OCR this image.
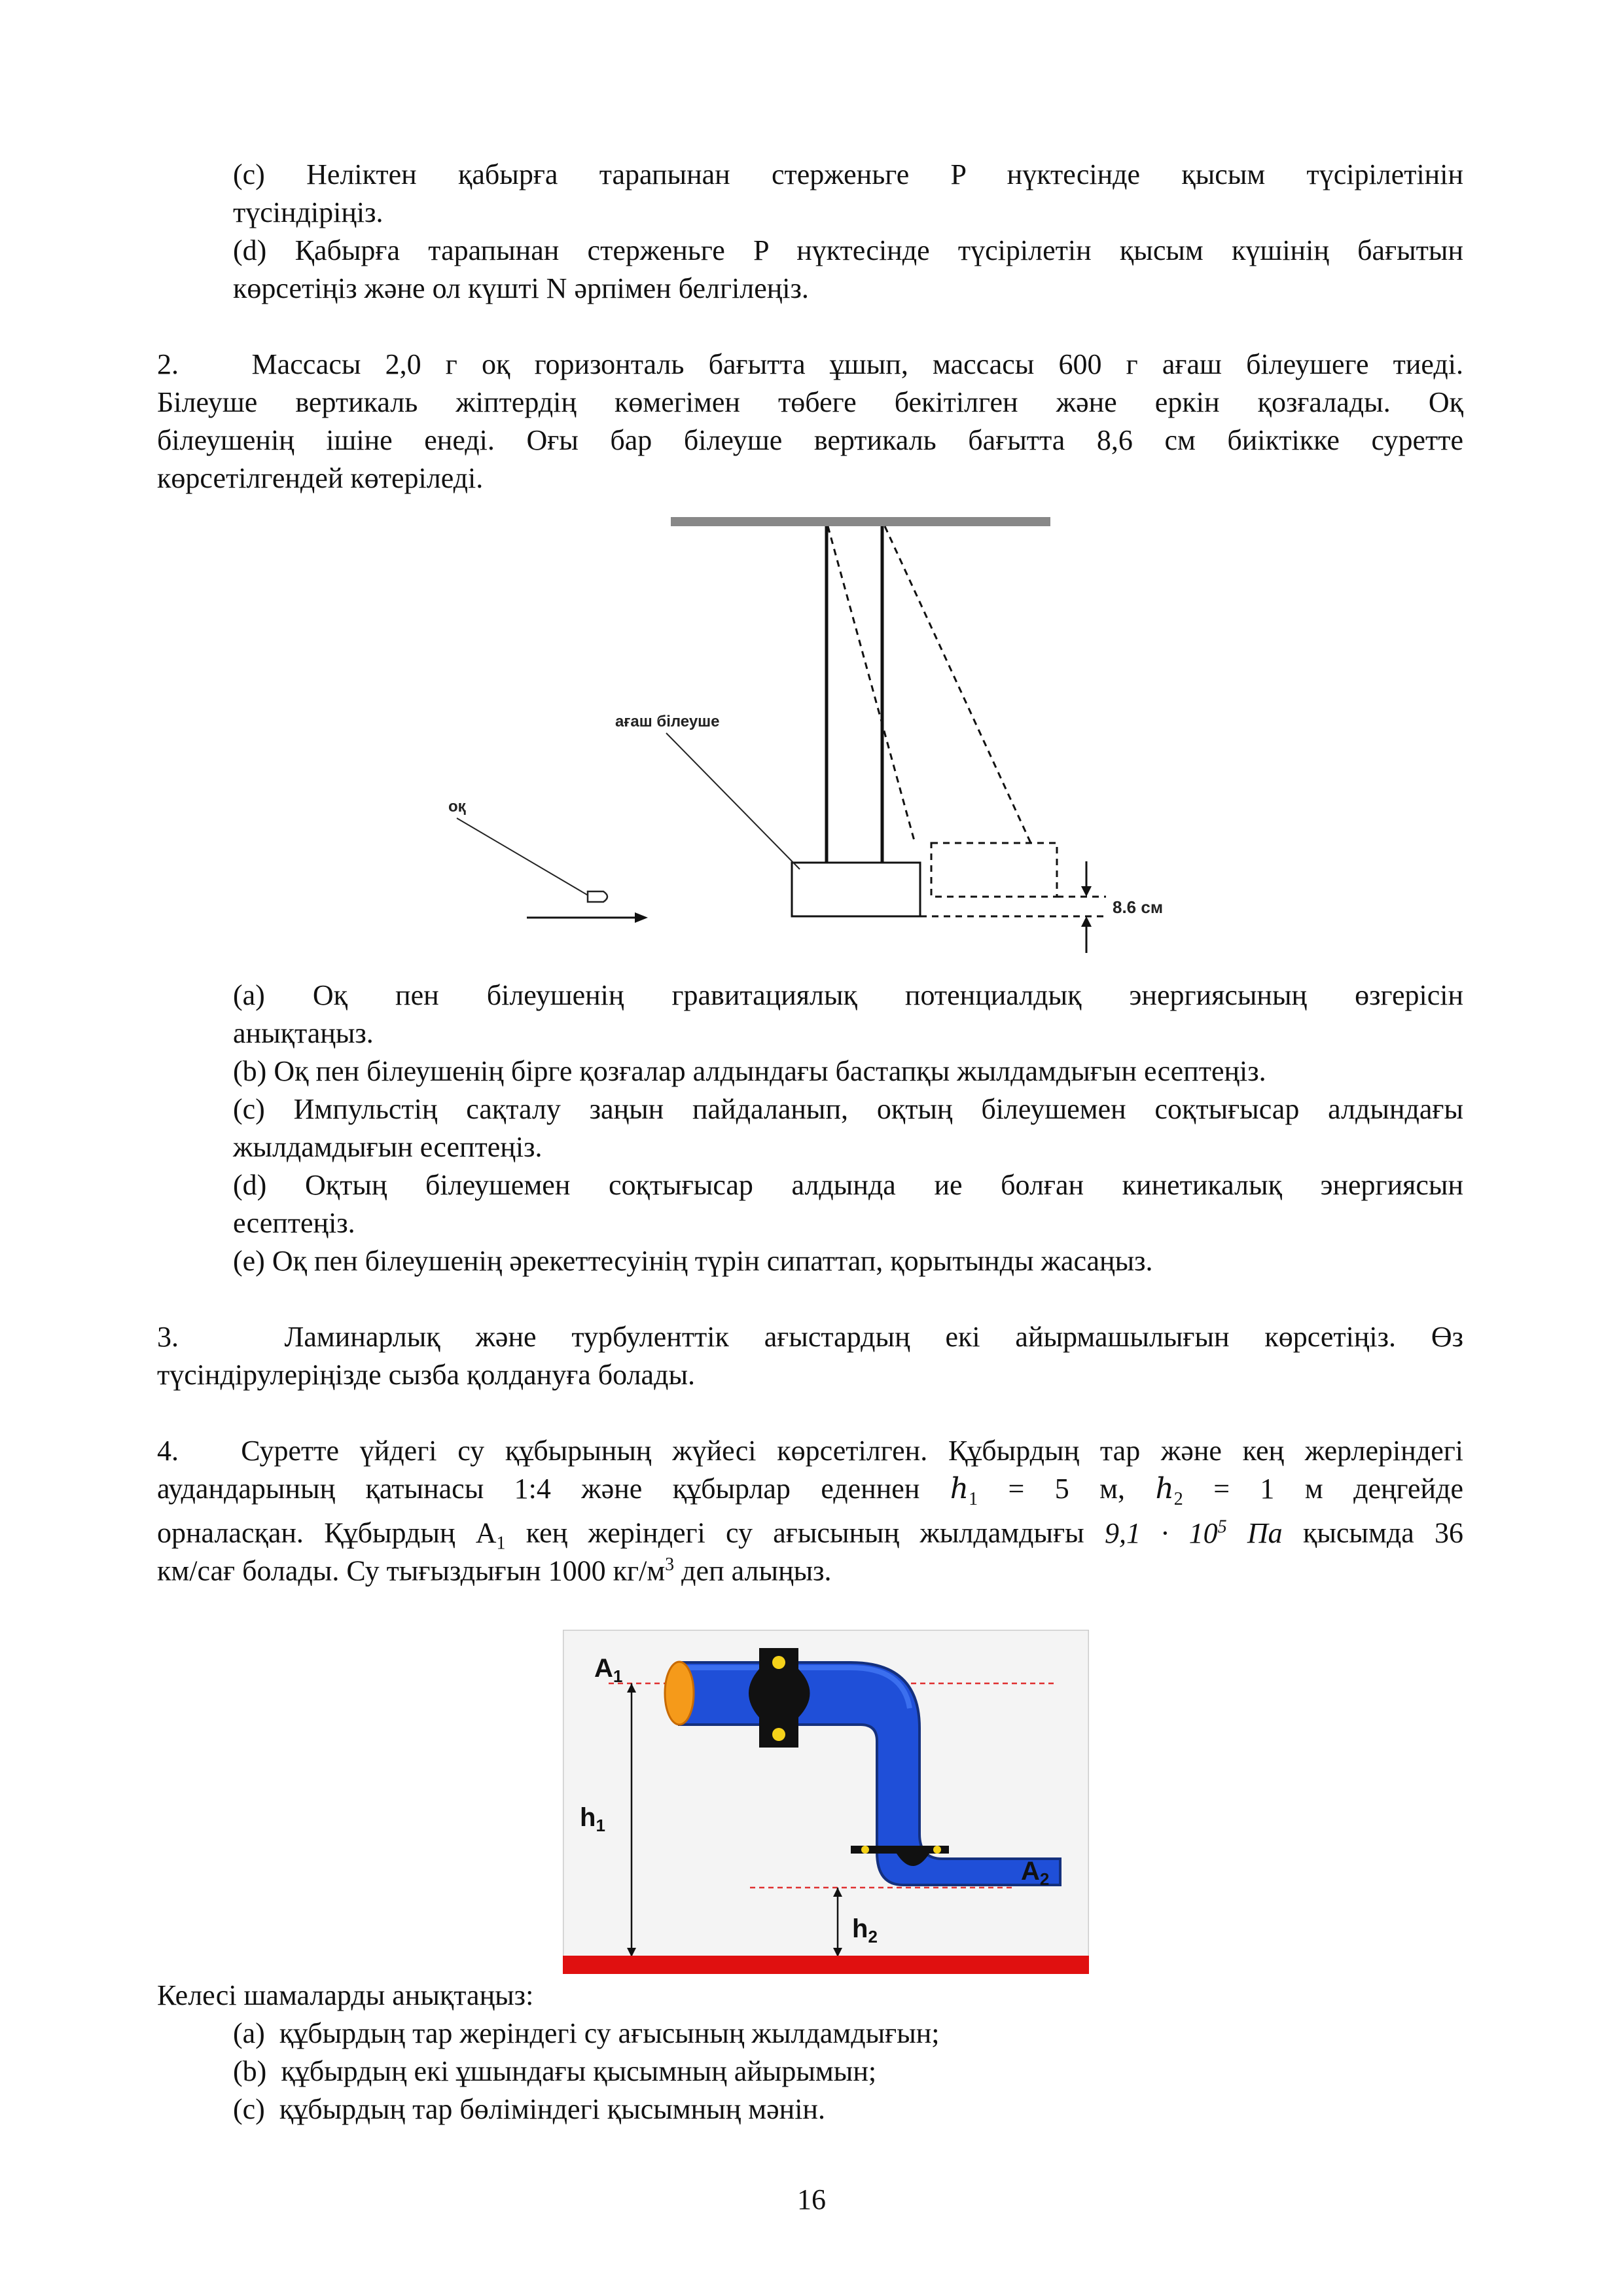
(c) Неліктен қабырға тарапынан стерженьге P нүктесінде қысым түсірілетінін

түсіндіріңіз.

(d) Қабырға тарапынан стерженьге P нүктесінде түсірілетін қысым күшінің бағытын

көрсетіңіз және ол күшті N әрпімен белгілеңіз.

2.	Массасы 2,0 г оқ горизонталь бағытта ұшып, массасы 600 г ағаш білеушеге тиеді.

Білеуше вертикаль жіптердің көмегімен төбеге бекітілген және еркін қозғалады. Оқ

білеушенің ішіне енеді. Оғы бар білеуше вертикаль бағытта 8,6 см биіктікке суретте

көрсетілгендей көтеріледі.

8.6 см
ағаш білеуше
оқ

(a) Оқ пен білеушенің гравитациялық потенциалдық энергиясының өзгерісін

анықтаңыз.

(b) Оқ пен білеушенің бірге қозғалар алдындағы бастапқы жылдамдығын есептеңіз.

(c) Импульстің сақталу заңын пайдаланып, оқтың білеушемен соқтығысар алдындағы

жылдамдығын есептеңіз.

(d) Оқтың білеушемен соқтығысар алдында ие болған кинетикалық энергиясын

есептеңіз.

(e) Оқ пен білеушенің әрекеттесуінің түрін сипаттап, қорытынды жасаңыз.

3.	Ламинарлық және турбуленттік ағыстардың екі айырмашылығын көрсетіңіз. Өз

түсіндірулеріңізде сызба қолдануға болады.

4. Суретте үйдегі су құбырының жүйесі көрсетілген. Құбырдың тар және кең жерлеріндегі

аудандарының қатынасы 1:4 және құбырлар еденнен $h_1 = 5$ м, $h_2 = 1$ м деңгейде

орналасқан. Құбырдың $A_1$ кең жеріндегі су ағысының жылдамдығы $9,1 \cdot 10^5$ Па қысымда 36

км/сағ болады. Су тығыздығын 1000 $кг/м^3$ деп алыңыз.

$A_1$
$A_2$
$h_1$
$h_2$

Келесі шамаларды анықтаңыз:

(a) құбырдың тар жеріндегі су ағысының жылдамдығын;

(b) құбырдың екі ұшындағы қысымның айырымын;

(c) құбырдың тар бөліміндегі қысымның мәнін.

16
